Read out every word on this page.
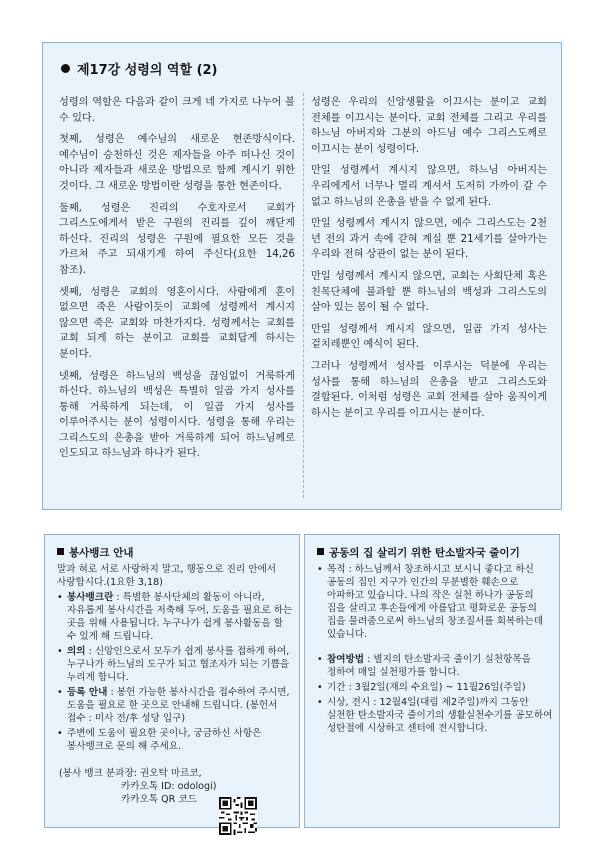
제17강 성령의 역할 (2)

성령의 역할은 다음과 같이 크게 네 가지로 나누어 볼 수 있다.

첫째, 성령은 예수님의 새로운 현존방식이다. 예수님이 승천하신 것은 제자들을 아주 떠나신 것이 아니라 제자들과 새로운 방법으로 함께 계시기 위한 것이다. 그 새로운 방법이란 성령을 통한 현존이다.

둘째, 성령은 진리의 수호자로서 교회가 그리스도에게서 받은 구원의 진리를 깊이 깨닫게 하신다. 진리의 성령은 구원에 필요한 모든 것을 가르쳐 주고 되새기게 하여 주신다(요한 14,26 참조).

셋째, 성령은 교회의 영혼이시다. 사람에게 혼이 없으면 죽은 사람이듯이 교회에 성령께서 계시지 않으면 죽은 교회와 마찬가지다. 성령께서는 교회를 교회 되게 하는 분이고 교회를 교회답게 하시는 분이다.

넷째, 성령은 하느님의 백성을 끊임없이 거룩하게 하신다. 하느님의 백성은 특별히 일곱 가지 성사를 통해 거룩하게 되는데, 이 일곱 가지 성사를 이루어주시는 분이 성령이시다. 성령을 통해 우리는 그리스도의 은총을 받아 거룩하게 되어 하느님께로 인도되고 하느님과 하나가 된다.

성령은 우리의 신앙생활을 이끄시는 분이고 교회 전체를 이끄시는 분이다. 교회 전체를 그리고 우리를 하느님 아버지와 그분의 아드님 예수 그리스도께로 이끄시는 분이 성령이다.

만일 성령께서 계시지 않으면, 하느님 아버지는 우리에게서 너무나 멀리 계셔서 도저히 가까이 갈 수 없고 하느님의 은총을 받을 수 없게 된다.

만일 성령께서 계시지 않으면, 예수 그리스도는 2천 년 전의 과거 속에 갇혀 계실 뿐 21세기를 살아가는 우리와 전혀 상관이 없는 분이 된다.

만일 성령께서 계시지 않으면, 교회는 사회단체 혹은 친목단체에 불과할 뿐 하느님의 백성과 그리스도의 살아 있는 몸이 될 수 없다.

만일 성령께서 계시지 않으면, 일곱 가지 성사는 겉치레뿐인 예식이 된다.

그러나 성령께서 성사를 이루시는 덕분에 우리는 성사를 통해 하느님의 은총을 받고 그리스도와 결합된다. 이처럼 성령은 교회 전체를 살아 움직이게 하시는 분이고 우리를 이끄시는 분이다.

봉사뱅크 안내

말과 혀로 서로 사랑하지 말고, 행동으로 진리 안에서 사랑합시다.(1요한 3,18)

• 봉사뱅크란 : 특별한 봉사단체의 활동이 아니라, 자유롭게 봉사시간을 저축해 두어, 도움을 필요로 하는 곳을 위해 사용됩니다. 누구나가 쉽게 봉사활동을 할 수 있게 해 드립니다.
• 의의 : 신앙인으로서 모두가 쉽게 봉사를 접하게 하여, 누구나가 하느님의 도구가 되고 협조자가 되는 기쁨을 누리게 합니다.
• 등록 안내 : 봉헌 가능한 봉사시간을 접수하여 주시면, 도움을 필요로 한 곳으로 안내해 드립니다. (봉헌서 접수 : 미사 전/후 성당 입구)
• 주변에 도움이 필요한 곳이나, 궁금하신 사항은 봉사뱅크로 문의 해 주세요.
(봉사 뱅크 분과장: 권오탁 마르코,
카카오톡 ID: odologi)
카카오톡 QR 코드
공동의 집 살리기 위한 탄소발자국 줄이기
• 목적 : 하느님께서 창조하시고 보시니 좋다고 하신 공동의 집인 지구가 인간의 무분별한 훼손으로 아파하고 있습니다. 나의 작은 실천 하나가 공동의 집을 살리고 후손들에게 아름답고 평화로운 공동의 집을 물려줌으로써 하느님의 창조질서를 회복하는데 있습니다.
• 참여방법 : 별지의 탄소발자국 줄이기 실천항목을 정하여 매일 실천평가를 합니다.
• 기간 : 3월2일(재의 수요일) ~ 11월26일(주일)
• 시상, 전시 : 12월4일(대림 제2주일)까지 그동안 실천한 탄소발자국 줄이기의 생활실천수기를 공모하여 성탄절에 시상하고 센터에 전시합니다.
